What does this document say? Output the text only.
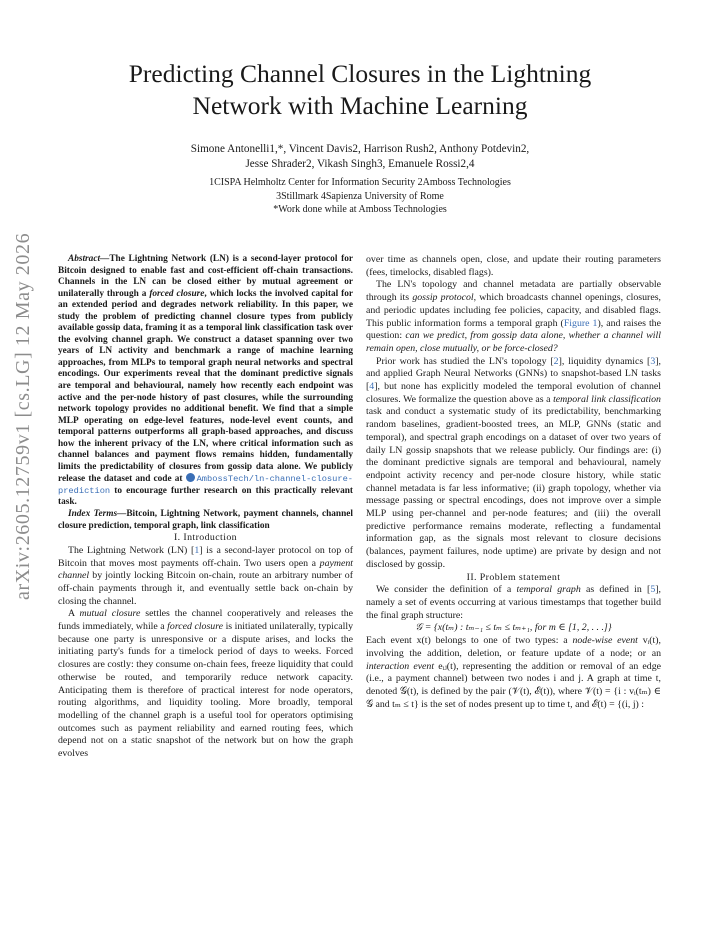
Predicting Channel Closures in the Lightning
Network with Machine Learning
Simone Antonelli1,*, Vincent Davis2, Harrison Rush2, Anthony Potdevin2,
Jesse Shrader2, Vikash Singh3, Emanuele Rossi2,4
1CISPA Helmholtz Center for Information Security 2Amboss Technologies
3Stillmark 4Sapienza University of Rome
*Work done while at Amboss Technologies
arXiv:2605.12759v1 [cs.LG] 12 May 2026	Abstract—The Lightning Network (LN) is a second-layer protocol for Bitcoin designed to enable fast and cost-efficient off-chain transactions. Channels in the LN can be closed either by mutual agreement or unilaterally through a forced closure, which locks the involved capital for an extended period and degrades network reliability. In this paper, we study the problem of predicting channel closure types from publicly available gossip data, framing it as a temporal link classification task over the evolving channel graph. We construct a dataset spanning over two years of LN activity and benchmark a range of machine learning approaches, from MLPs to temporal graph neural networks and spectral encodings. Our experiments reveal that the dominant predictive signals are temporal and behavioural, namely how recently each endpoint was active and the per-node history of past closures, while the surrounding network topology provides no additional benefit. We find that a simple MLP operating on edge-level features, node-level event counts, and temporal patterns outperforms all graph-based approaches, and discuss how the inherent privacy of the LN, where critical information such as channel balances and payment flows remains hidden, fundamentally limits the predictability of closures from gossip data alone. We publicly release the dataset and code at AmbossTech/ln-channel-closure-prediction to encourage further research on this practically relevant task.

Index Terms—Bitcoin, Lightning Network, payment channels, channel closure prediction, temporal graph, link classification

I. Introduction

The Lightning Network (LN) [1] is a second-layer protocol on top of Bitcoin that moves most payments off-chain. Two users open a payment channel by jointly locking Bitcoin on-chain, route an arbitrary number of off-chain payments through it, and eventually settle back on-chain by closing the channel.

A mutual closure settles the channel cooperatively and releases the funds immediately, while a forced closure is initiated unilaterally, typically because one party is unresponsive or a dispute arises, and locks the initiating party's funds for a timelock period of days to weeks. Forced closures are costly: they consume on-chain fees, freeze liquidity that could otherwise be routed, and temporarily reduce network capacity. Anticipating them is therefore of practical interest for node operators, routing algorithms, and liquidity tooling. More broadly, temporal modelling of the channel graph is a useful tool for operators optimising outcomes such as payment reliability and earned routing fees, which depend not on a static snapshot of the network but on how the graph evolves

over time as channels open, close, and update their routing parameters (fees, timelocks, disabled flags).

The LN's topology and channel metadata are partially observable through its gossip protocol, which broadcasts channel openings, closures, and periodic updates including fee policies, capacity, and disabled flags. This public information forms a temporal graph (Figure 1), and raises the question: can we predict, from gossip data alone, whether a channel will remain open, close mutually, or be force-closed?

Prior work has studied the LN's topology [2], liquidity dynamics [3], and applied Graph Neural Networks (GNNs) to snapshot-based LN tasks [4], but none has explicitly modeled the temporal evolution of channel closures. We formalize the question above as a temporal link classification task and conduct a systematic study of its predictability, benchmarking random baselines, gradient-boosted trees, an MLP, GNNs (static and temporal), and spectral graph encodings on a dataset of over two years of daily LN gossip snapshots that we release publicly. Our findings are: (i) the dominant predictive signals are temporal and behavioural, namely endpoint activity recency and per-node closure history, while static channel metadata is far less informative; (ii) graph topology, whether via message passing or spectral encodings, does not improve over a simple MLP using per-channel and per-node features; and (iii) the overall predictive performance remains moderate, reflecting a fundamental information gap, as the signals most relevant to closure decisions (balances, payment failures, node uptime) are private by design and not disclosed by gossip.

II. Problem statement

We consider the definition of a temporal graph as defined in [5], namely a set of events occurring at various timestamps that together build the final graph structure:

𝒢 = {x(tₘ) : tₘ₋₁ ≤ tₘ ≤ tₘ₊₁, for m ∈ [1, 2, . . .]}

Each event x(t) belongs to one of two types: a node-wise event vᵢ(t), involving the addition, deletion, or feature update of a node; or an interaction event eᵢⱼ(t), representing the addition or removal of an edge (i.e., a payment channel) between two nodes i and j. A graph at time t, denoted 𝒢(t), is defined by the pair (𝒱(t), ℰ(t)), where 𝒱(t) = {i : vᵢ(tₘ) ∈ 𝒢 and tₘ ≤ t} is the set of nodes present up to time t, and ℰ(t) = {(i, j) :
